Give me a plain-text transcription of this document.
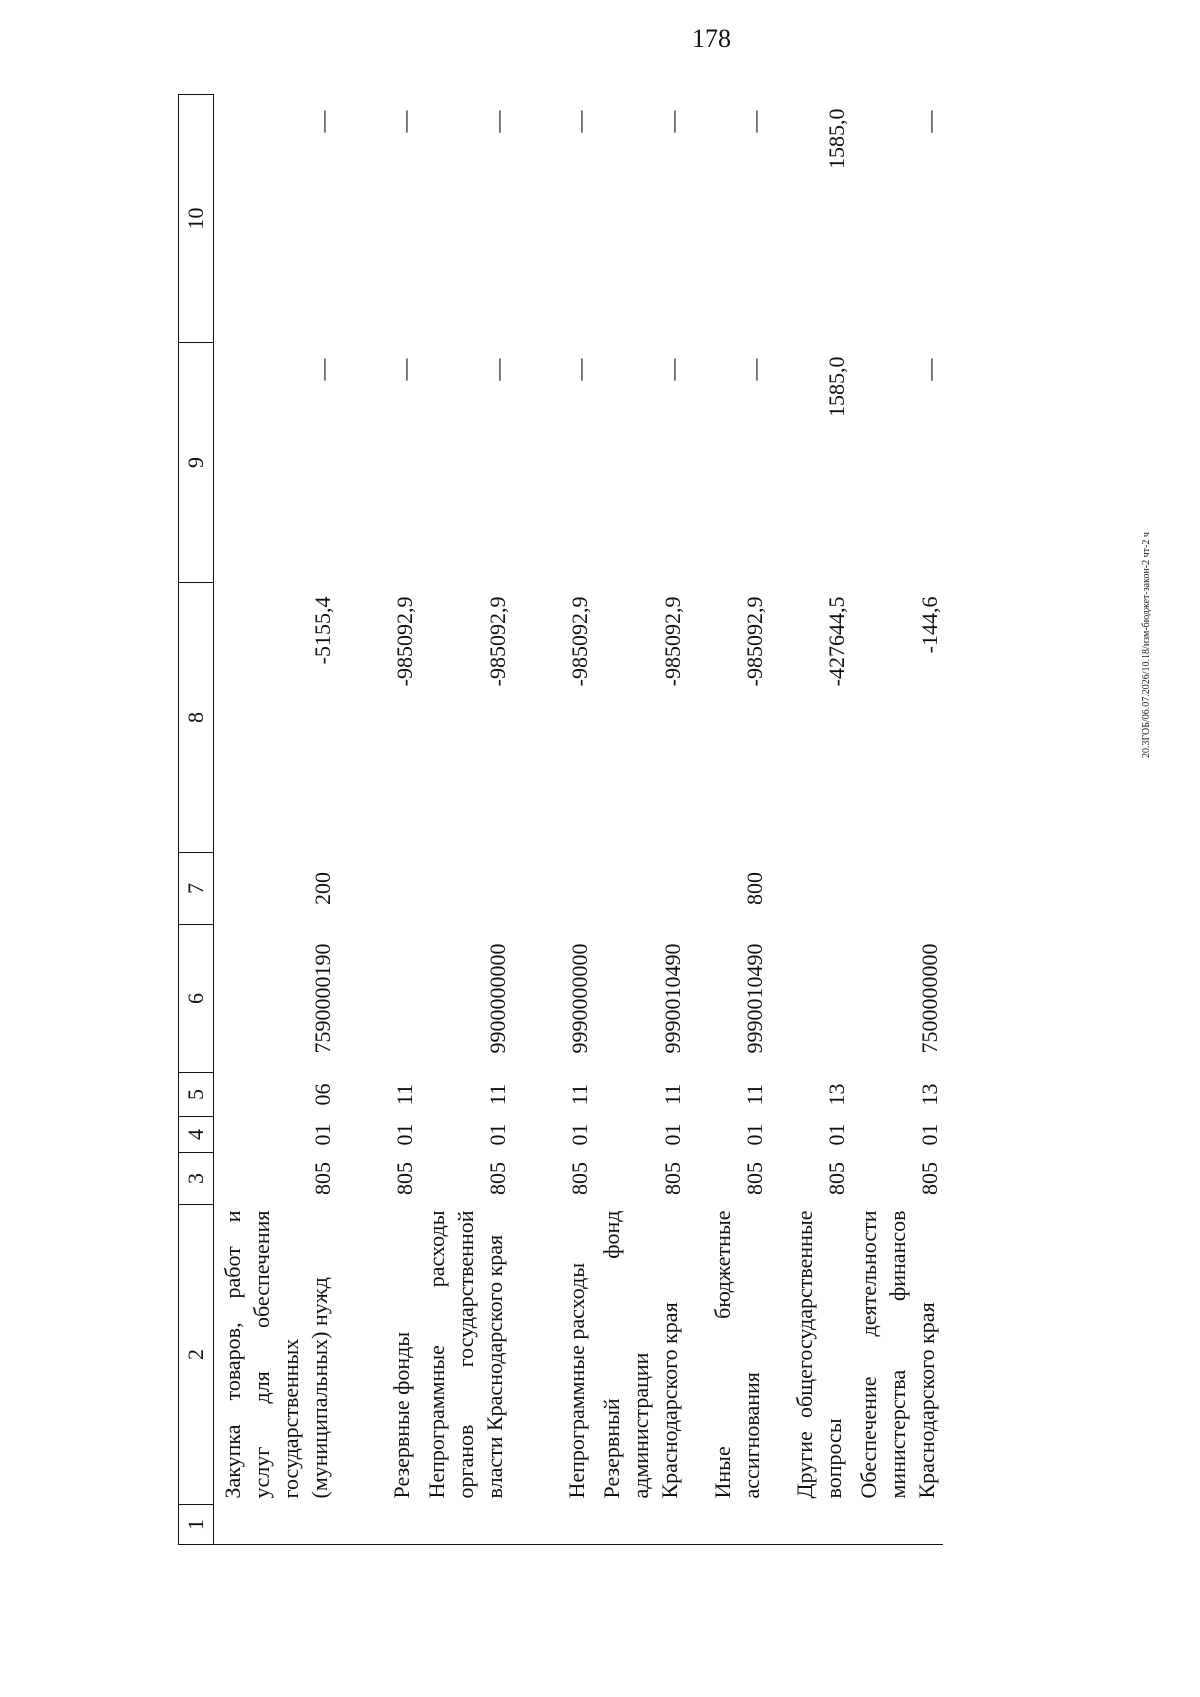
178
20.3ГОБ/06.07.2026/10.18/изм-бюджет-закон-2 чт-2 ч
1	2	3	4	5	6	7	8	9	10
	Закупка товаров, работ и услуг для обеспечения государственных (муниципальных) нужд	805	01	06	7590000190	200	-5155,4	—	—
	Резервные фонды	805	01	11			-985092,9	—	—
	Непрограммные расходы органов государственной власти Краснодарского края	805	01	11	9900000000		-985092,9	—	—
	Непрограммные расходы	805	01	11	9990000000		-985092,9	—	—
	Резервный фонд администрации Краснодарского края	805	01	11	9990010490		-985092,9	—	—
	Иные бюджетные ассигнования	805	01	11	9990010490	800	-985092,9	—	—
	Другие общегосударственные вопросы	805	01	13			-427644,5	1585,0	1585,0
	Обеспечение деятельности министерства финансов Краснодарского края	805	01	13	7500000000		-144,6	—	—
